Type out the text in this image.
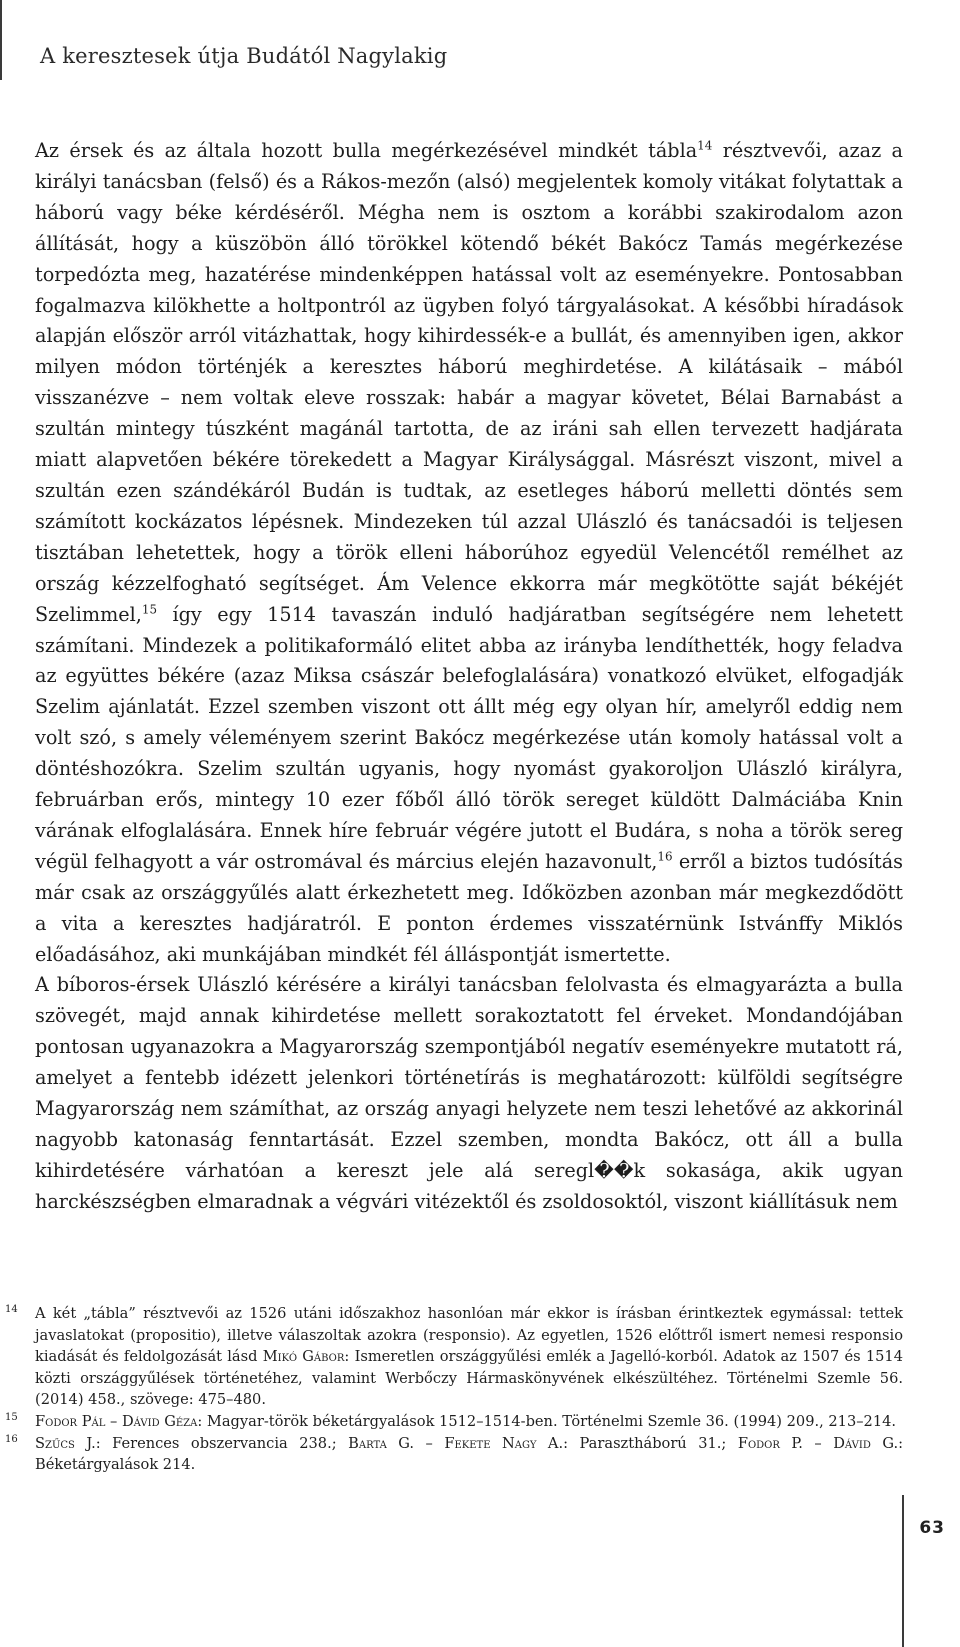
A keresztesek útja Budától Nagylakig

Az érsek és az általa hozott bulla megérkezésével mindkét tábla$^{14}$ résztvevői, azaz a királyi tanácsban (felső) és a Rákos-mezőn (alsó) megjelentek komoly vitákat folytattak a háború vagy béke kérdéséről. Mégha nem is osztom a korábbi szakirodalom azon állítását, hogy a küszöbön álló törökkel kötendő békét Bakócz Tamás megérkezése torpedózta meg, hazatérése mindenképpen hatással volt az eseményekre. Pontosabban fogalmazva kilökhette a holtpontról az ügyben folyó tárgyalásokat. A későbbi híradások alapján először arról vitázhattak, hogy kihirdessék-e a bullát, és amennyiben igen, akkor milyen módon történjék a keresztes háború meghirdetése. A kilátásaik – mából visszanézve – nem voltak eleve rosszak: habár a magyar követet, Bélai Barnabást a szultán mintegy túszként magánál tartotta, de az iráni sah ellen tervezett hadjárata miatt alapvetően békére törekedett a Magyar Királysággal. Másrészt viszont, mivel a szultán ezen szándékáról Budán is tudtak, az esetleges háború melletti döntés sem számított kockázatos lépésnek. Mindezeken túl azzal Ulászló és tanácsadói is teljesen tisztában lehetettek, hogy a török elleni háborúhoz egyedül Velencétől remélhet az ország kézzelfogható segítséget. Ám Velence ekkorra már megkötötte saját békéjét Szelimmel,$^{15}$ így egy 1514 tavaszán induló hadjáratban segítségére nem lehetett számítani. Mindezek a politikaformáló elitet abba az irányba lendíthették, hogy feladva az együttes békére (azaz Miksa császár belefoglalására) vonatkozó elvüket, elfogadják Szelim ajánlatát. Ezzel szemben viszont ott állt még egy olyan hír, amelyről eddig nem volt szó, s amely véleményem szerint Bakócz megérkezése után komoly hatással volt a döntéshozókra. Szelim szultán ugyanis, hogy nyomást gyakoroljon Ulászló királyra, februárban erős, mintegy 10 ezer főből álló török sereget küldött Dalmáciába Knin várának elfoglalására. Ennek híre február végére jutott el Budára, s noha a török sereg végül felhagyott a vár ostromával és március elején hazavonult,$^{16}$ erről a biztos tudósítás már csak az országgyűlés alatt érkezhetett meg. Időközben azonban már megkezdődött a vita a keresztes hadjáratról. E ponton érdemes visszatérnünk Istvánffy Miklós előadásához, aki munkájában mindkét fél álláspontját ismertette.

A bíboros-érsek Ulászló kérésére a királyi tanácsban felolvasta és elmagyarázta a bulla szövegét, majd annak kihirdetése mellett sorakoztatott fel érveket. Mondandójában pontosan ugyanazokra a Magyarország szempontjából negatív eseményekre mutatott rá, amelyet a fentebb idézett jelenkori történetírás is meghatározott: külföldi segítségre Magyarország nem számíthat, az ország anyagi helyzete nem teszi lehetővé az akkorinál nagyobb katonaság fenntartását. Ezzel szemben, mondta Bakócz, ott áll a bulla kihirdetésére várhatóan a kereszt jele alá seregl��k sokasága, akik ugyan harckészségben elmaradnak a végvári vitézektől és zsoldosoktól, viszont kiállításuk nem

14 A két „tábla” résztvevői az 1526 utáni időszakhoz hasonlóan már ekkor is írásban érintkeztek egymással: tettek javaslatokat (propositio), illetve válaszoltak azokra (responsio). Az egyetlen, 1526 előttről ismert nemesi responsio kiadását és feldolgozását lásd Mikó Gábor: Ismeretlen országgyűlési emlék a Jagelló-korból. Adatok az 1507 és 1514 közti országgyűlések történetéhez, valamint Werbőczy Hármaskönyvének elkészültéhez. Történelmi Szemle 56. (2014) 458., szövege: 475–480.

15 Fodor Pál – Dávid Géza: Magyar-török béketárgyalások 1512–1514-ben. Történelmi Szemle 36. (1994) 209., 213–214.

16 Szűcs J.: Ferences obszervancia 238.; Barta G. – Fekete Nagy A.: Parasztháború 31.; Fodor P. – Dávid G.: Béketárgyalások 214.

63
